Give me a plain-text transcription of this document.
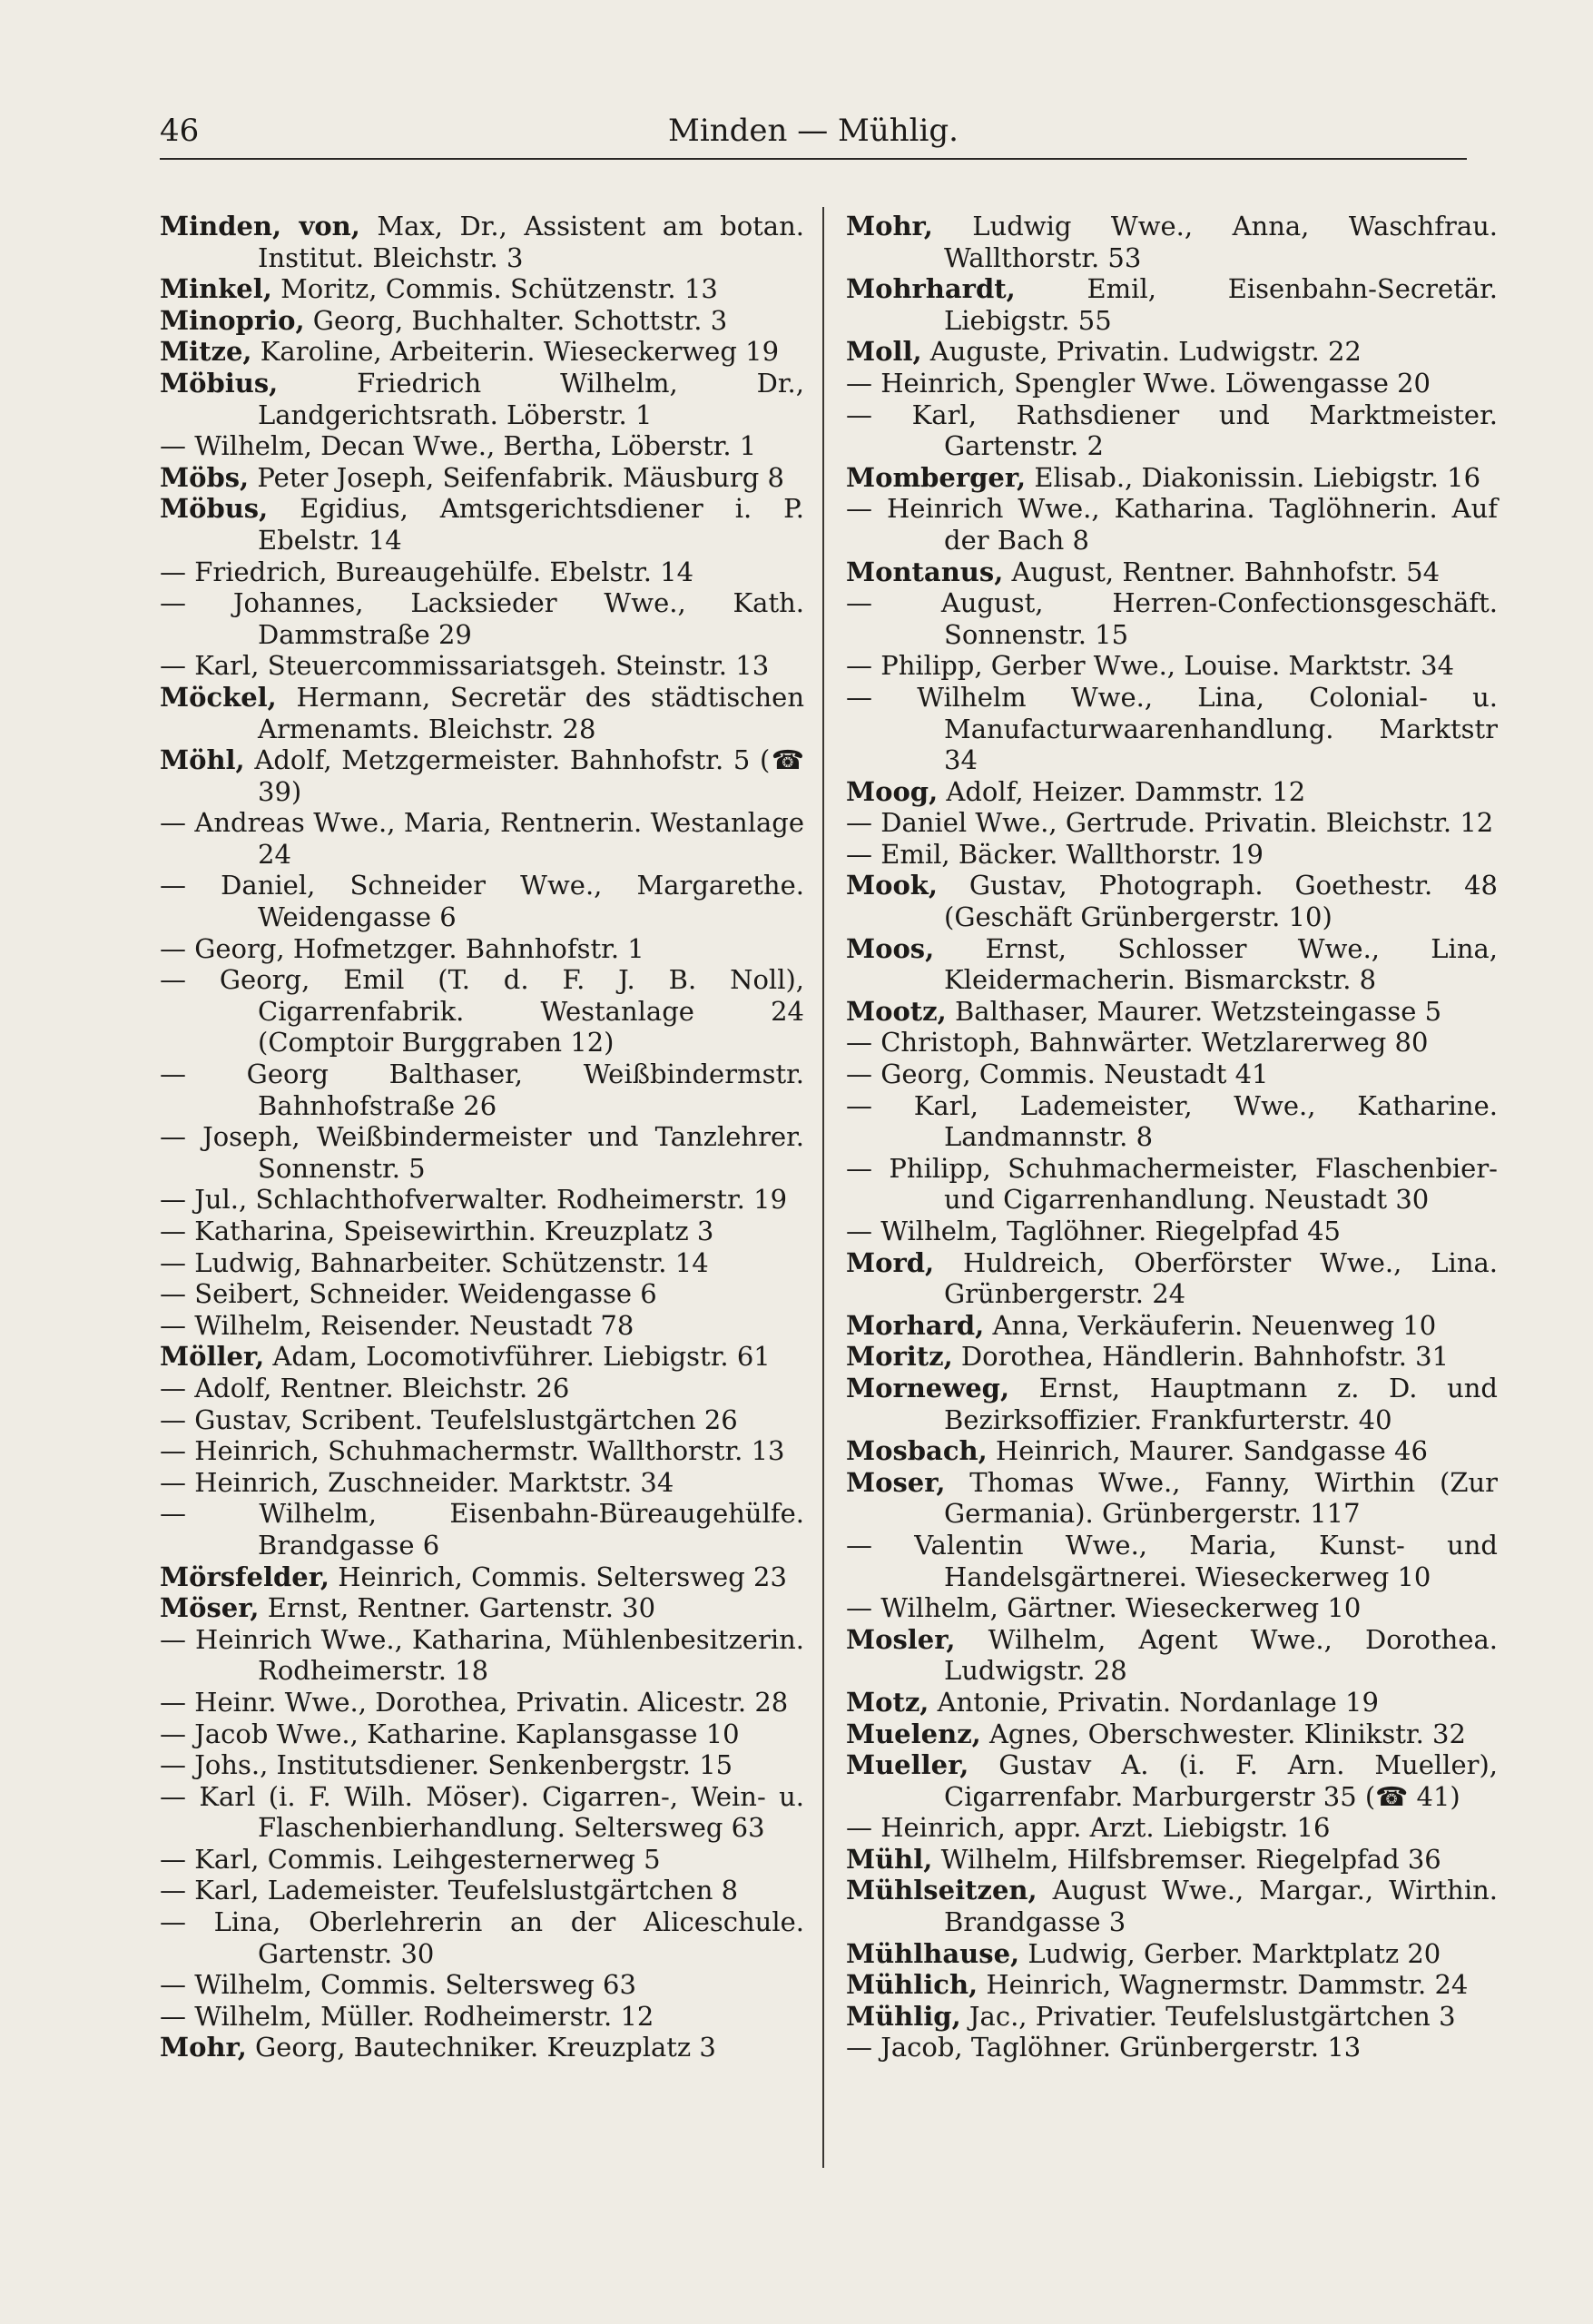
46	Minden — Mühlig.
Minden, von, Max, Dr., Assistent am botan. Institut. Bleichstr. 3
Minkel, Moritz, Commis. Schützenstr. 13
Minoprio, Georg, Buchhalter. Schottstr. 3
Mitze, Karoline, Arbeiterin. Wieseckerweg 19
Möbius,	Friedrich Wilhelm, Dr., Landgerichtsrath. Löberstr. 1
— Wilhelm, Decan Wwe., Bertha, Löberstr. 1
Möbs, Peter Joseph, Seifenfabrik. Mäusburg 8
Möbus, Egidius, Amtsgerichtsdiener i. P. Ebelstr. 14
— Friedrich, Bureaugehülfe. Ebelstr. 14
— Johannes, Lacksieder Wwe., Kath. Dammstraße 29
— Karl, Steuercommissariatsgeh. Steinstr. 13
Möckel, Hermann, Secretär des städtischen Armenamts. Bleichstr. 28
Möhl, Adolf, Metzgermeister. Bahnhofstr. 5 (☎ 39)
— Andreas Wwe., Maria, Rentnerin. Westanlage 24
— Daniel, Schneider Wwe., Margarethe. Weidengasse 6
— Georg, Hofmetzger. Bahnhofstr. 1
— Georg, Emil (T. d. F. J. B. Noll), Cigarrenfabrik. Westanlage 24 (Comptoir Burggraben 12)
— Georg Balthaser, Weißbindermstr. Bahnhofstraße 26
— Joseph, Weißbindermeister und Tanzlehrer. Sonnenstr. 5
— Jul., Schlachthofverwalter. Rodheimerstr. 19
— Katharina, Speisewirthin. Kreuzplatz 3
— Ludwig, Bahnarbeiter. Schützenstr. 14
— Seibert, Schneider. Weidengasse 6
— Wilhelm, Reisender. Neustadt 78
Möller, Adam, Locomotivführer. Liebigstr. 61
— Adolf, Rentner. Bleichstr. 26
— Gustav, Scribent. Teufelslustgärtchen 26
— Heinrich, Schuhmachermstr. Wallthorstr. 13
— Heinrich, Zuschneider. Marktstr. 34
— Wilhelm, Eisenbahn-Büreaugehülfe. Brandgasse 6
Mörsfelder, Heinrich, Commis. Seltersweg 23
Möser, Ernst, Rentner. Gartenstr. 30
— Heinrich Wwe., Katharina, Mühlenbesitzerin. Rodheimerstr. 18
— Heinr. Wwe., Dorothea, Privatin. Alicestr. 28
— Jacob Wwe., Katharine. Kaplansgasse 10
— Johs., Institutsdiener. Senkenbergstr. 15
— Karl (i. F. Wilh. Möser). Cigarren-, Wein- u. Flaschenbierhandlung. Seltersweg 63
— Karl, Commis. Leihgesternerweg 5
— Karl, Lademeister. Teufelslustgärtchen 8
— Lina, Oberlehrerin an der Aliceschule. Gartenstr. 30
— Wilhelm, Commis. Seltersweg 63
— Wilhelm, Müller. Rodheimerstr. 12
Mohr, Georg, Bautechniker. Kreuzplatz 3
Mohr, Ludwig Wwe., Anna, Waschfrau. Wallthorstr. 53
Mohrhardt,	Emil, Eisenbahn-Secretär. Liebigstr. 55
Moll, Auguste, Privatin. Ludwigstr. 22
— Heinrich, Spengler Wwe. Löwengasse 20
— Karl, Rathsdiener und Marktmeister. Gartenstr. 2
Momberger, Elisab., Diakonissin. Liebigstr. 16
— Heinrich Wwe., Katharina. Taglöhnerin. Auf der Bach 8
Montanus, August, Rentner. Bahnhofstr. 54
— August, Herren-Confectionsgeschäft. Sonnenstr. 15
— Philipp, Gerber Wwe., Louise. Marktstr. 34
— Wilhelm Wwe., Lina, Colonial- u. Manufacturwaarenhandlung. Marktstr 34
Moog, Adolf, Heizer. Dammstr. 12
— Daniel Wwe., Gertrude. Privatin. Bleichstr. 12
— Emil, Bäcker. Wallthorstr. 19
Mook, Gustav, Photograph. Goethestr. 48 (Geschäft Grünbergerstr. 10)
Moos, Ernst, Schlosser Wwe., Lina, Kleidermacherin. Bismarckstr. 8
Mootz, Balthaser, Maurer. Wetzsteingasse 5
— Christoph, Bahnwärter. Wetzlarerweg 80
— Georg, Commis. Neustadt 41
— Karl, Lademeister, Wwe., Katharine. Landmannstr. 8
— Philipp, Schuhmachermeister, Flaschenbier- und Cigarrenhandlung. Neustadt 30
— Wilhelm, Taglöhner. Riegelpfad 45
Mord, Huldreich, Oberförster Wwe., Lina. Grünbergerstr. 24
Morhard, Anna, Verkäuferin. Neuenweg 10
Moritz, Dorothea, Händlerin. Bahnhofstr. 31
Morneweg, Ernst, Hauptmann z. D. und Bezirksoffizier. Frankfurterstr. 40
Mosbach, Heinrich, Maurer. Sandgasse 46
Moser, Thomas Wwe., Fanny, Wirthin (Zur Germania). Grünbergerstr. 117
— Valentin Wwe., Maria, Kunst- und Handelsgärtnerei. Wieseckerweg 10
— Wilhelm, Gärtner. Wieseckerweg 10
Mosler, Wilhelm, Agent Wwe., Dorothea. Ludwigstr. 28
Motz, Antonie, Privatin. Nordanlage 19
Muelenz, Agnes, Oberschwester. Klinikstr. 32
Mueller, Gustav A. (i. F. Arn. Mueller), Cigarrenfabr. Marburgerstr 35 (☎ 41)
— Heinrich, appr. Arzt. Liebigstr. 16
Mühl, Wilhelm, Hilfsbremser. Riegelpfad 36
Mühlseitzen, August Wwe., Margar., Wirthin. Brandgasse 3
Mühlhause, Ludwig, Gerber. Marktplatz 20
Mühlich, Heinrich, Wagnermstr. Dammstr. 24
Mühlig, Jac., Privatier. Teufelslustgärtchen 3
— Jacob, Taglöhner. Grünbergerstr. 13
